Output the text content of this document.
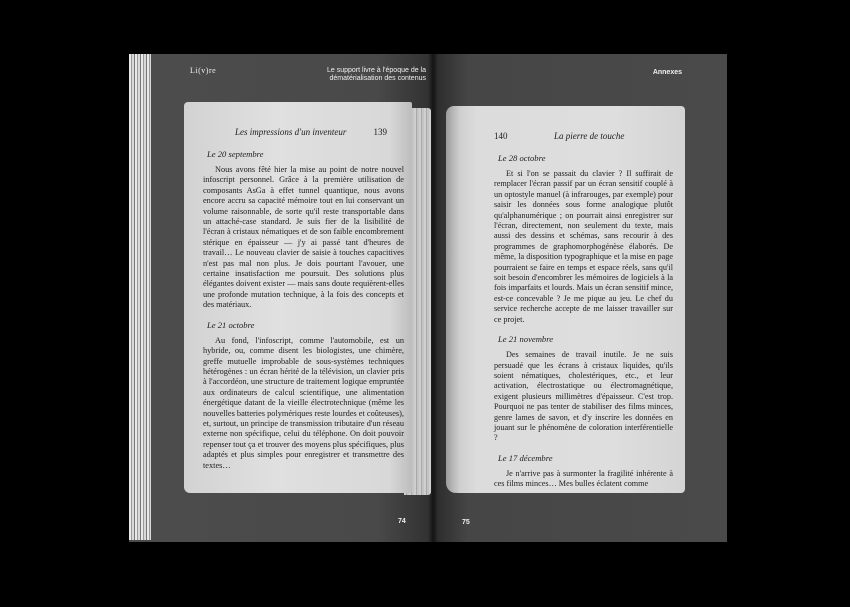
Li(v)re	Le support livre à l'époque de la
dématérialisation des contenus
Annexes
Les impressions d'un inventeur	139
Le 20 septembre

Nous avons fêté hier la mise au point de notre nouvel infoscript personnel. Grâce à la première utilisation de composants AsGa à effet tunnel quantique, nous avons encore accru sa capacité mémoire tout en lui conservant un volume raisonnable, de sorte qu'il reste transportable dans un attaché-case standard. Je suis fier de la lisibilité de l'écran à cristaux nématiques et de son faible encombrement stérique en épaisseur — j'y ai passé tant d'heures de travail… Le nouveau clavier de saisie à touches capacitives n'est pas mal non plus. Je dois pourtant l'avouer, une certaine insatisfaction me poursuit. Des solutions plus élégantes doivent exister — mais sans doute requièrent-elles une profonde mutation technique, à la fois des concepts et des matériaux.

Le 21 octobre

Au fond, l'infoscript, comme l'automobile, est un hybride, ou, comme disent les biologistes, une chimère, greffe mutuelle improbable de sous-systèmes techniques hétérogènes : un écran hérité de la télévision, un clavier pris à l'accordéon, une structure de traitement logique empruntée aux ordinateurs de calcul scientifique, une alimentation énergétique datant de la vieille électrotechnique (même les nouvelles batteries polymériques reste lourdes et coûteuses), et, surtout, un principe de transmission tributaire d'un réseau externe non spécifique, celui du téléphone. On doit pouvoir repenser tout ça et trouver des moyens plus spécifiques, plus adaptés et plus simples pour enregistrer et transmettre des textes…

140	La pierre de touche
Le 28 octobre

Et si l'on se passait du clavier ? Il suffirait de remplacer l'écran passif par un écran sensitif couplé à un optostyle manuel (à infrarouges, par exemple) pour saisir les données sous forme analogique plutôt qu'alphanumérique ; on pourrait ainsi enregistrer sur l'écran, directement, non seulement du texte, mais aussi des dessins et schémas, sans recourir à des programmes de graphomorphogénèse élaborés. De même, la disposition typographique et la mise en page pourraient se faire en temps et espace réels, sans qu'il soit besoin d'encombrer les mémoires de logiciels à la fois imparfaits et lourds. Mais un écran sensitif mince, est-ce concevable ? Je me pique au jeu. Le chef du service recherche accepte de me laisser travailler sur ce projet.

Le 21 novembre

Des semaines de travail inutile. Je ne suis persuadé que les écrans à cristaux liquides, qu'ils soient nématiques, cholestériques, etc., et leur activation, électrostatique ou électromagnétique, exigent plusieurs millimètres d'épaisseur. C'est trop. Pourquoi ne pas tenter de stabiliser des films minces, genre lames de savon, et d'y inscrire les données en jouant sur le phénomène de coloration interférentielle ?

Le 17 décembre

Je n'arrive pas à surmonter la fragilité inhérente à ces films minces… Mes bulles éclatent comme

74	75
